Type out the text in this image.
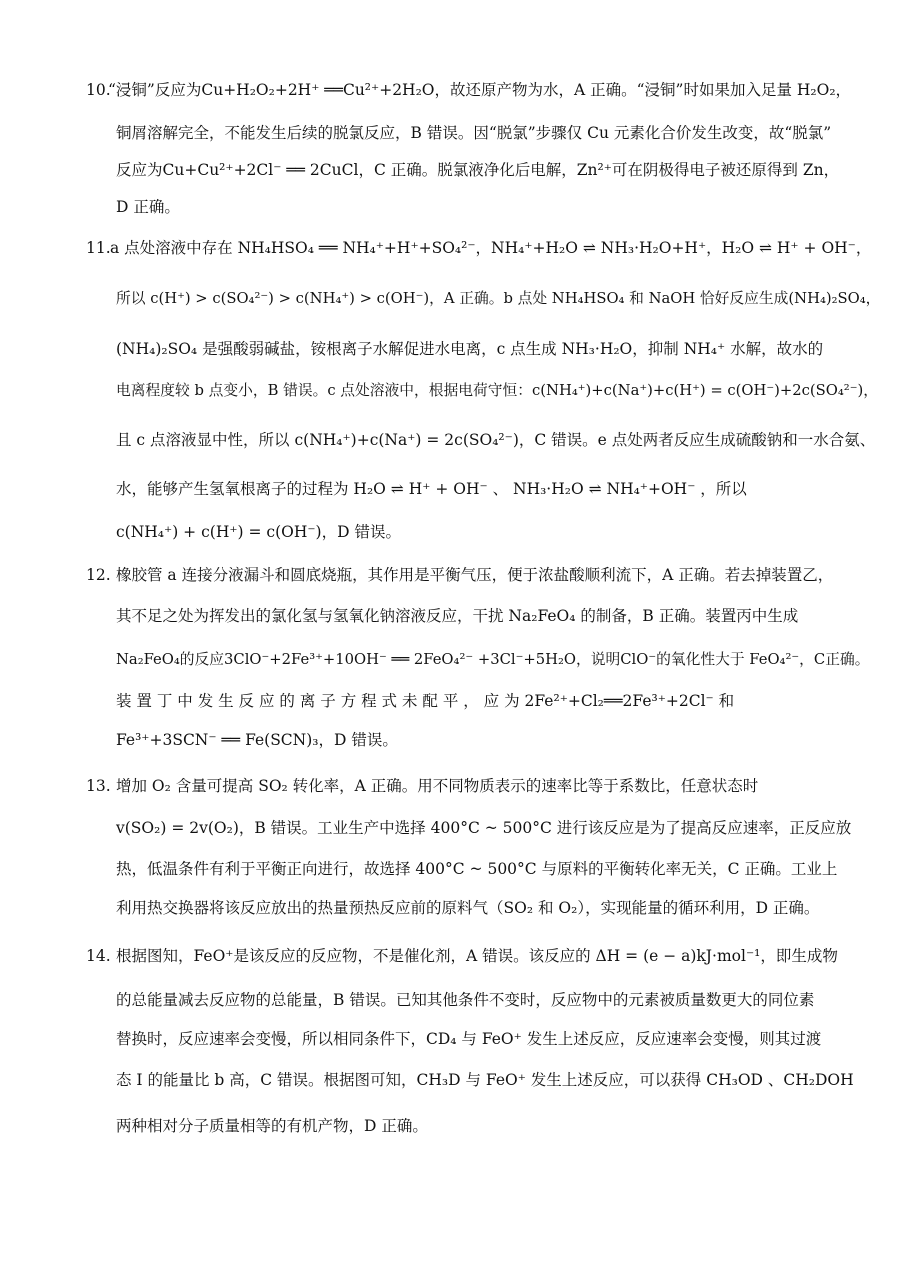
10.
“浸铜”反应为Cu+H₂O₂+2H⁺ ══Cu²⁺+2H₂O，故还原产物为水，A 正确。“浸铜”时如果加入足量 H₂O₂，
铜屑溶解完全，不能发生后续的脱氯反应，B 错误。因“脱氯”步骤仅 Cu 元素化合价发生改变，故“脱氯”
反应为Cu+Cu²⁺+2Cl⁻ ══ 2CuCl，C 正确。脱氯液净化后电解，Zn²⁺可在阴极得电子被还原得到 Zn，
D 正确。
11. a 点处溶液中存在 NH₄HSO₄ ══ NH₄⁺+H⁺+SO₄²⁻，NH₄⁺+H₂O ⇌ NH₃·H₂O+H⁺，H₂O ⇌ H⁺ + OH⁻，
所以 c(H⁺) > c(SO₄²⁻) > c(NH₄⁺) > c(OH⁻)，A 正确。b 点处 NH₄HSO₄ 和 NaOH 恰好反应生成(NH₄)₂SO₄，
(NH₄)₂SO₄ 是强酸弱碱盐，铵根离子水解促进水电离，c 点生成 NH₃·H₂O，抑制 NH₄⁺ 水解，故水的
电离程度较 b 点变小，B 错误。c 点处溶液中，根据电荷守恒：c(NH₄⁺)+c(Na⁺)+c(H⁺) = c(OH⁻)+2c(SO₄²⁻)，
且 c 点溶液显中性，所以 c(NH₄⁺)+c(Na⁺) = 2c(SO₄²⁻)，C 错误。e 点处两者反应生成硫酸钠和一水合氨、
水，能够产生氢氧根离子的过程为 H₂O ⇌ H⁺ + OH⁻ 、 NH₃·H₂O ⇌ NH₄⁺+OH⁻ ，所以
c(NH₄⁺) + c(H⁺) = c(OH⁻)，D 错误。
12. 橡胶管 a 连接分液漏斗和圆底烧瓶，其作用是平衡气压，便于浓盐酸顺利流下，A 正确。若去掉装置乙，
其不足之处为挥发出的氯化氢与氢氧化钠溶液反应，干扰 Na₂FeO₄ 的制备，B 正确。装置丙中生成
Na₂FeO₄的反应3ClO⁻+2Fe³⁺+10OH⁻ ══ 2FeO₄²⁻ +3Cl⁻+5H₂O，说明ClO⁻的氧化性大于 FeO₄²⁻，C正确。
装 置 丁 中 发 生 反 应 的 离 子 方 程 式 未 配 平 ， 应 为 2Fe²⁺+Cl₂══2Fe³⁺+2Cl⁻ 和
Fe³⁺+3SCN⁻ ══ Fe(SCN)₃，D 错误。
13. 增加 O₂ 含量可提高 SO₂ 转化率，A 正确。用不同物质表示的速率比等于系数比，任意状态时
v(SO₂) = 2v(O₂)，B 错误。工业生产中选择 400°C ~ 500°C 进行该反应是为了提高反应速率，正反应放
热，低温条件有利于平衡正向进行，故选择 400°C ~ 500°C 与原料的平衡转化率无关，C 正确。工业上
利用热交换器将该反应放出的热量预热反应前的原料气（SO₂ 和 O₂），实现能量的循环利用，D 正确。
14. 根据图知，FeO⁺是该反应的反应物，不是催化剂，A 错误。该反应的 ΔH = (e − a)kJ·mol⁻¹，即生成物
的总能量减去反应物的总能量，B 错误。已知其他条件不变时，反应物中的元素被质量数更大的同位素
替换时，反应速率会变慢，所以相同条件下，CD₄ 与 FeO⁺ 发生上述反应，反应速率会变慢，则其过渡
态 I 的能量比 b 高，C 错误。根据图可知，CH₃D 与 FeO⁺ 发生上述反应，可以获得 CH₃OD 、CH₂DOH
两种相对分子质量相等的有机产物，D 正确。
